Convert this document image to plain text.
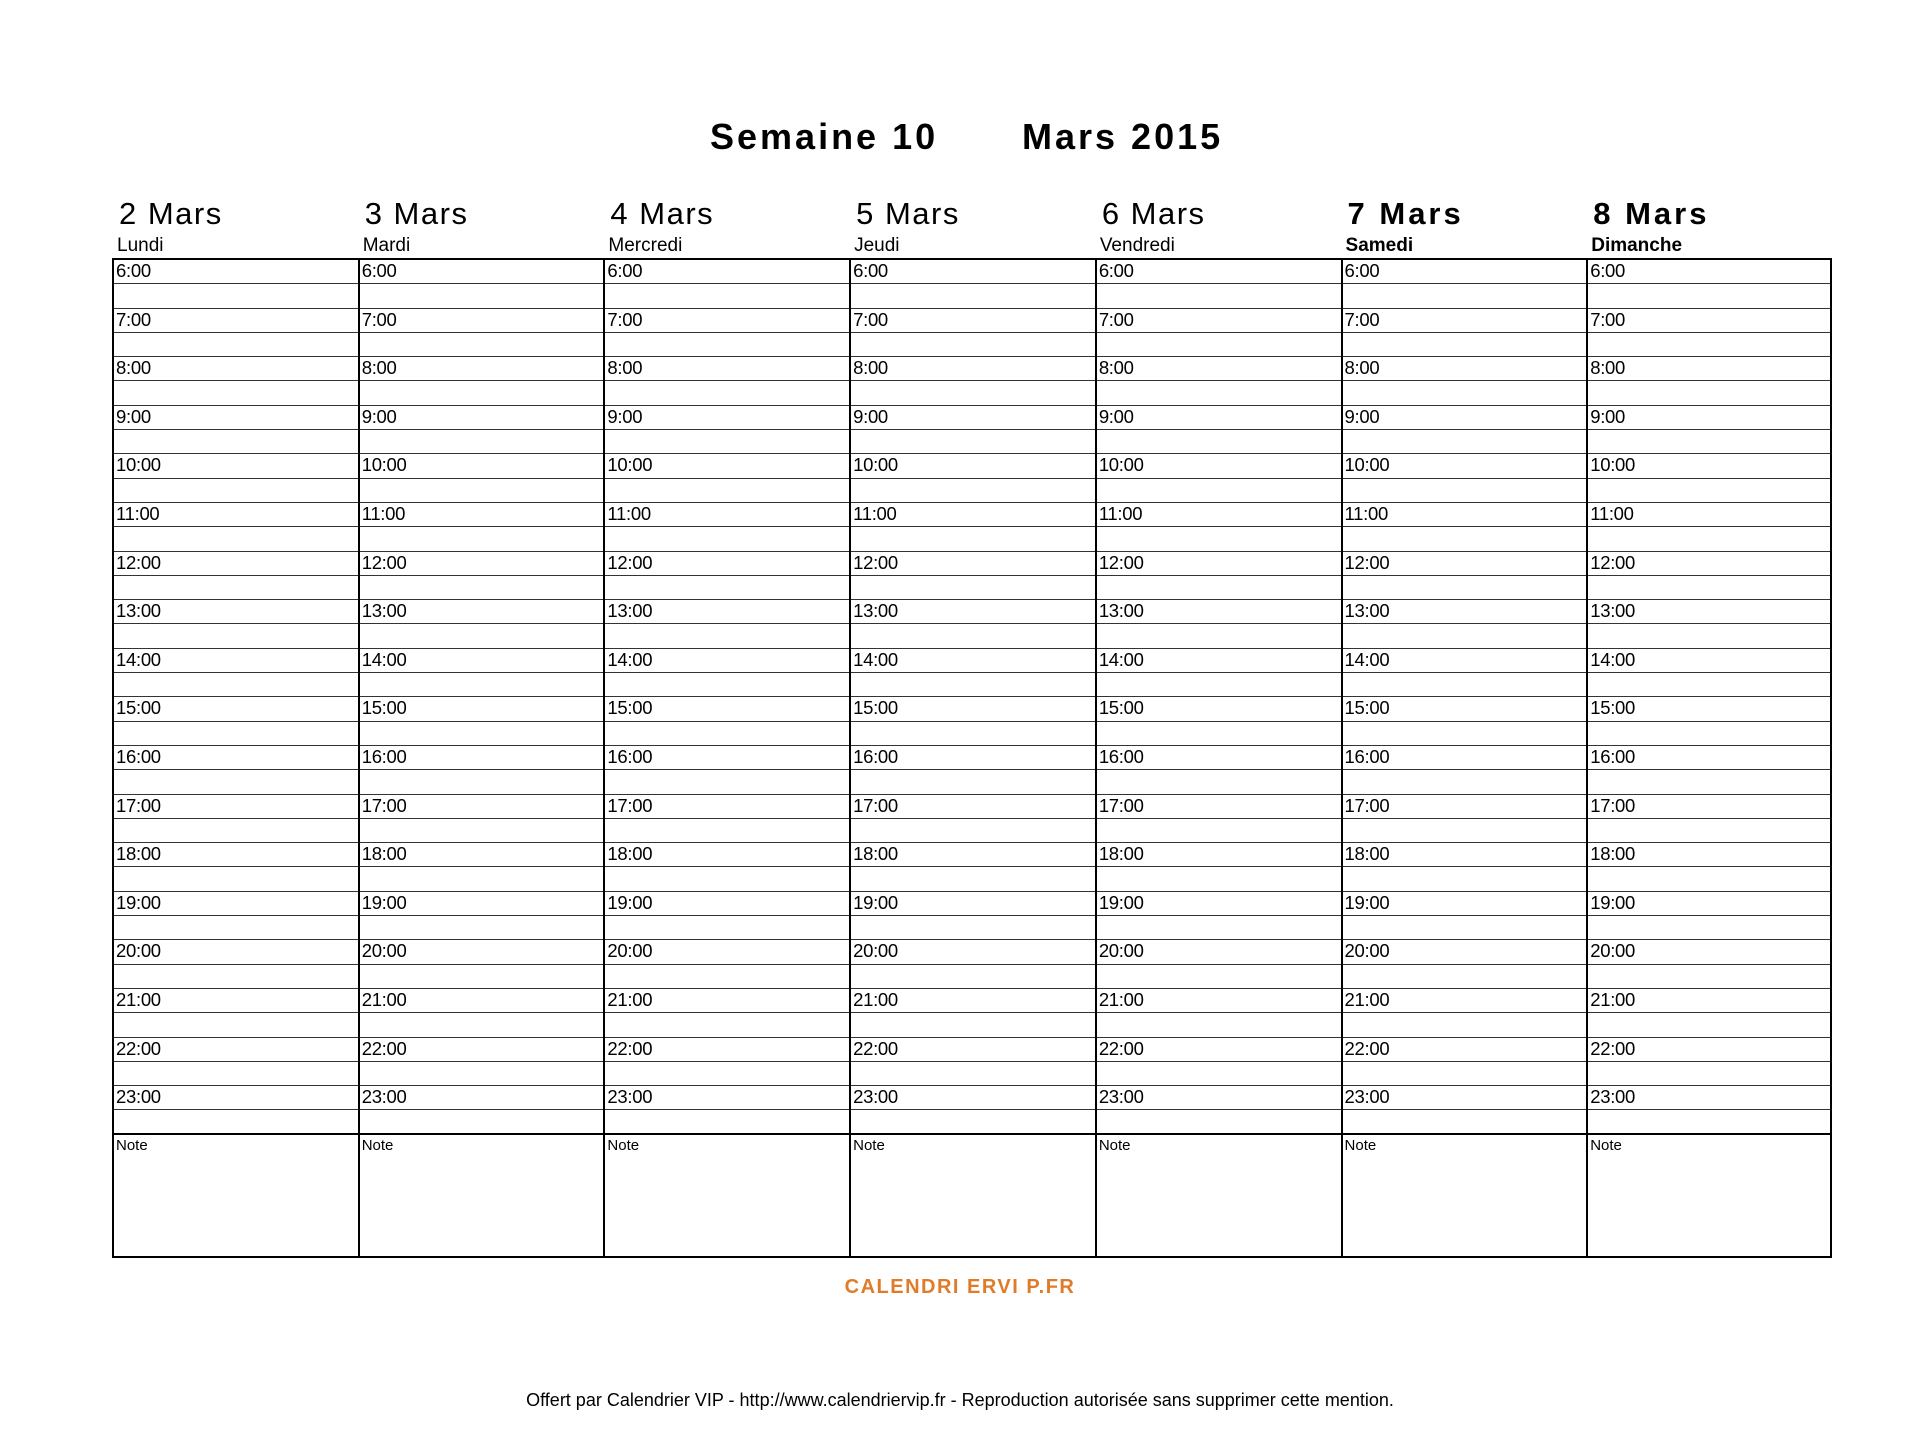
Semaine 10 Mars 2015
2 Mars
Lundi
6:00
7:00
8:00
9:00
10:00
11:00
12:00
13:00
14:00
15:00
16:00
17:00
18:00
19:00
20:00
21:00
22:00
23:00
Note
3 Mars
Mardi
6:00
7:00
8:00
9:00
10:00
11:00
12:00
13:00
14:00
15:00
16:00
17:00
18:00
19:00
20:00
21:00
22:00
23:00
Note
4 Mars
Mercredi
6:00
7:00
8:00
9:00
10:00
11:00
12:00
13:00
14:00
15:00
16:00
17:00
18:00
19:00
20:00
21:00
22:00
23:00
Note
5 Mars
Jeudi
6:00
7:00
8:00
9:00
10:00
11:00
12:00
13:00
14:00
15:00
16:00
17:00
18:00
19:00
20:00
21:00
22:00
23:00
Note
6 Mars
Vendredi
6:00
7:00
8:00
9:00
10:00
11:00
12:00
13:00
14:00
15:00
16:00
17:00
18:00
19:00
20:00
21:00
22:00
23:00
Note
7 Mars
Samedi
6:00
7:00
8:00
9:00
10:00
11:00
12:00
13:00
14:00
15:00
16:00
17:00
18:00
19:00
20:00
21:00
22:00
23:00
Note
8 Mars
Dimanche
6:00
7:00
8:00
9:00
10:00
11:00
12:00
13:00
14:00
15:00
16:00
17:00
18:00
19:00
20:00
21:00
22:00
23:00
Note
CALENDRI ERVI P.FR
Offert par Calendrier VIP - http://www.calendriervip.fr - Reproduction autorisée sans supprimer cette mention.
